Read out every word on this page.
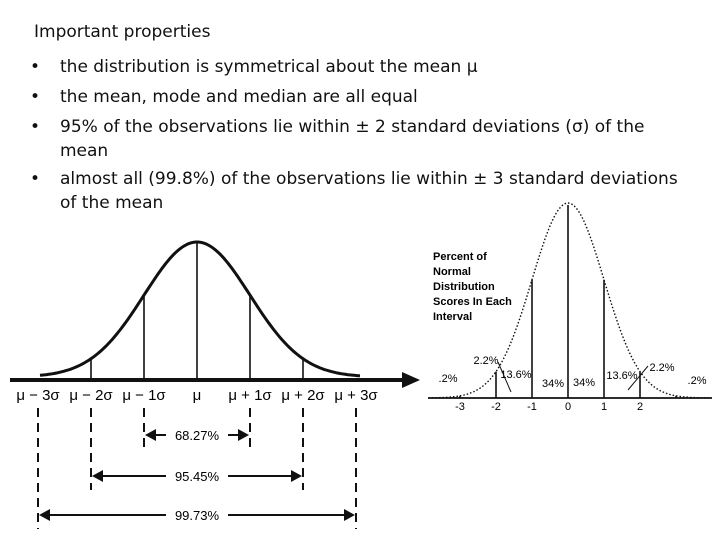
Important properties
• the distribution is symmetrical about the mean μ
• the mean, mode and median are all equal
• 95% of the observations lie within ± 2 standard deviations (σ) of the
mean
• almost all (99.8%) of the observations lie within ± 3 standard deviations
of the mean
μ − 3σ μ − 2σ μ − 1σ μ μ + 1σ μ + 2σ μ + 3σ
68.27%
95.45%
99.73%
Percent of
Normal
Distribution
Scores In Each
Interval
-3 -2 -1	0	1	2
.2%
2.2%
13.6%
34% 34%
13.6%
2.2%
.2%
